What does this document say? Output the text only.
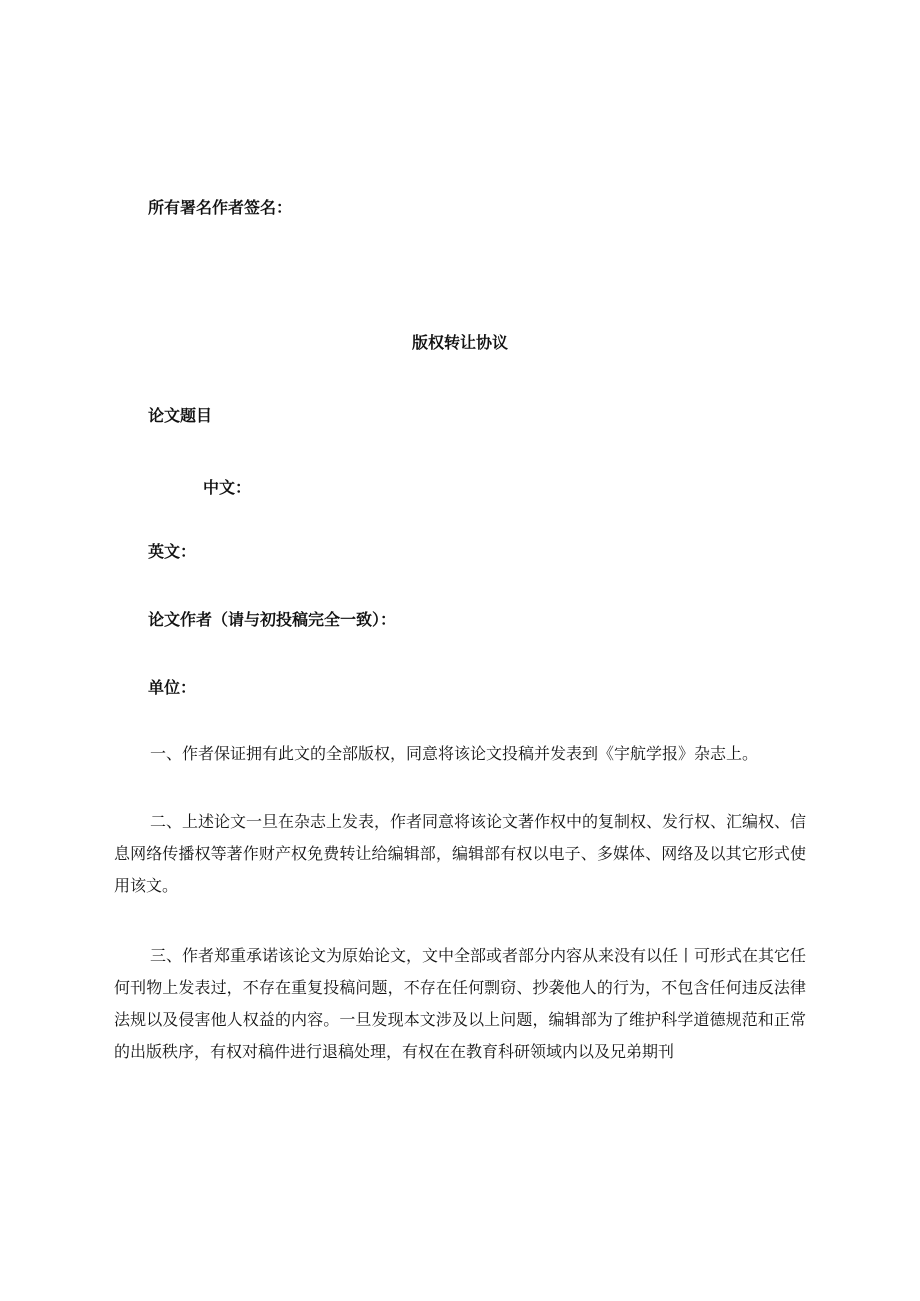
所有署名作者签名：
版权转让协议
论文题目
中文：
英文：
论文作者（请与初投稿完全一致）：
单位：
一、作者保证拥有此文的全部版权，同意将该论文投稿并发表到《宇航学报》杂志上。
二、上述论文一旦在杂志上发表，作者同意将该论文著作权中的复制权、发行权、汇编权、信息网络传播权等著作财产权免费转让给编辑部，编辑部有权以电子、多媒体、网络及以其它形式使用该文。
三、作者郑重承诺该论文为原始论文，文中全部或者部分内容从来没有以任丨可形式在其它任何刊物上发表过，不存在重复投稿问题，不存在任何剽窃、抄袭他人的行为，不包含任何违反法律法规以及侵害他人权益的内容。一旦发现本文涉及以上问题，编辑部为了维护科学道德规范和正常的出版秩序，有权对稿件进行退稿处理，有权在在教育科研领域内以及兄弟期刊
